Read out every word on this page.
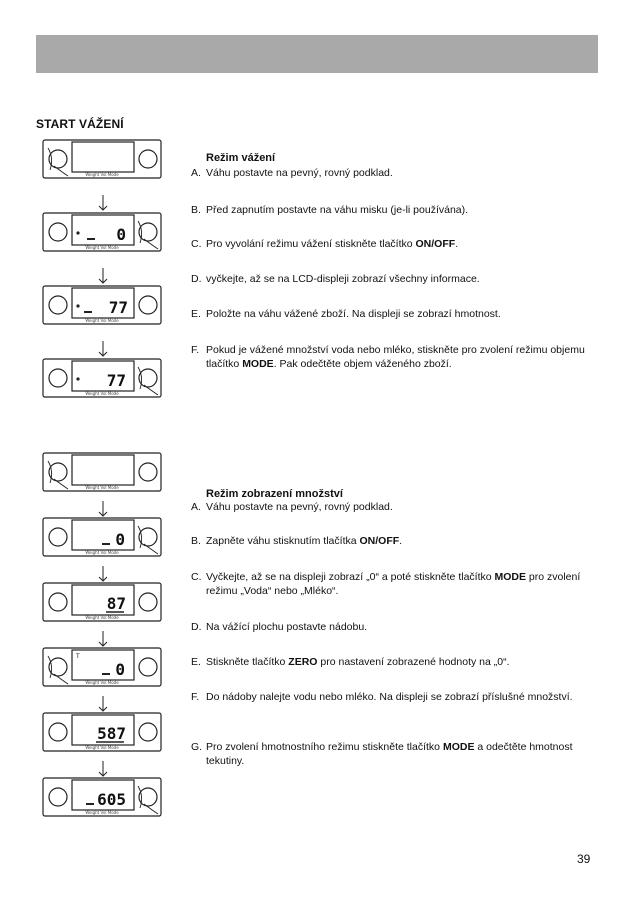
START VÁŽENÍ
Weight Vol Mode
0
Weight Vol Mode
77
Weight Vol Mode
77
Weight Vol Mode
Režim vážení
A. Váhu postavte na pevný, rovný podklad.
B. Před zapnutím postavte na váhu misku (je-li používána).
C. Pro vyvolání režimu vážení stiskněte tlačítko ON/OFF.
D. vyčkejte, až se na LCD-displeji zobrazí všechny informace.
E. Položte na váhu vážené zboží. Na displeji se zobrazí hmotnost.
F. Pokud je vážené množství voda nebo mléko, stiskněte pro zvolení režimu objemu tlačítko MODE. Pak odečtěte objem váženého zboží.
Weight Vol Mode
0
Weight Vol Mode
87
Weight Vol Mode
T
0
Weight Vol Mode
587
Weight Vol Mode
605
Weight Vol Mode
Režim zobrazení množství
A. Váhu postavte na pevný, rovný podklad.
B. Zapněte váhu stisknutím tlačítka ON/OFF.
C. Vyčkejte, až se na displeji zobrazí „0“ a poté stiskněte tlačítko MODE pro zvolení režimu „Voda“ nebo „Mléko“.
D. Na vážící plochu postavte nádobu.
E. Stiskněte tlačítko ZERO pro nastavení zobrazené hodnoty na „0“.
F. Do nádoby nalejte vodu nebo mléko. Na displeji se zobrazí příslušné množství.
G. Pro zvolení hmotnostního režimu stiskněte tlačítko MODE a odečtěte hmotnost tekutiny.
39
